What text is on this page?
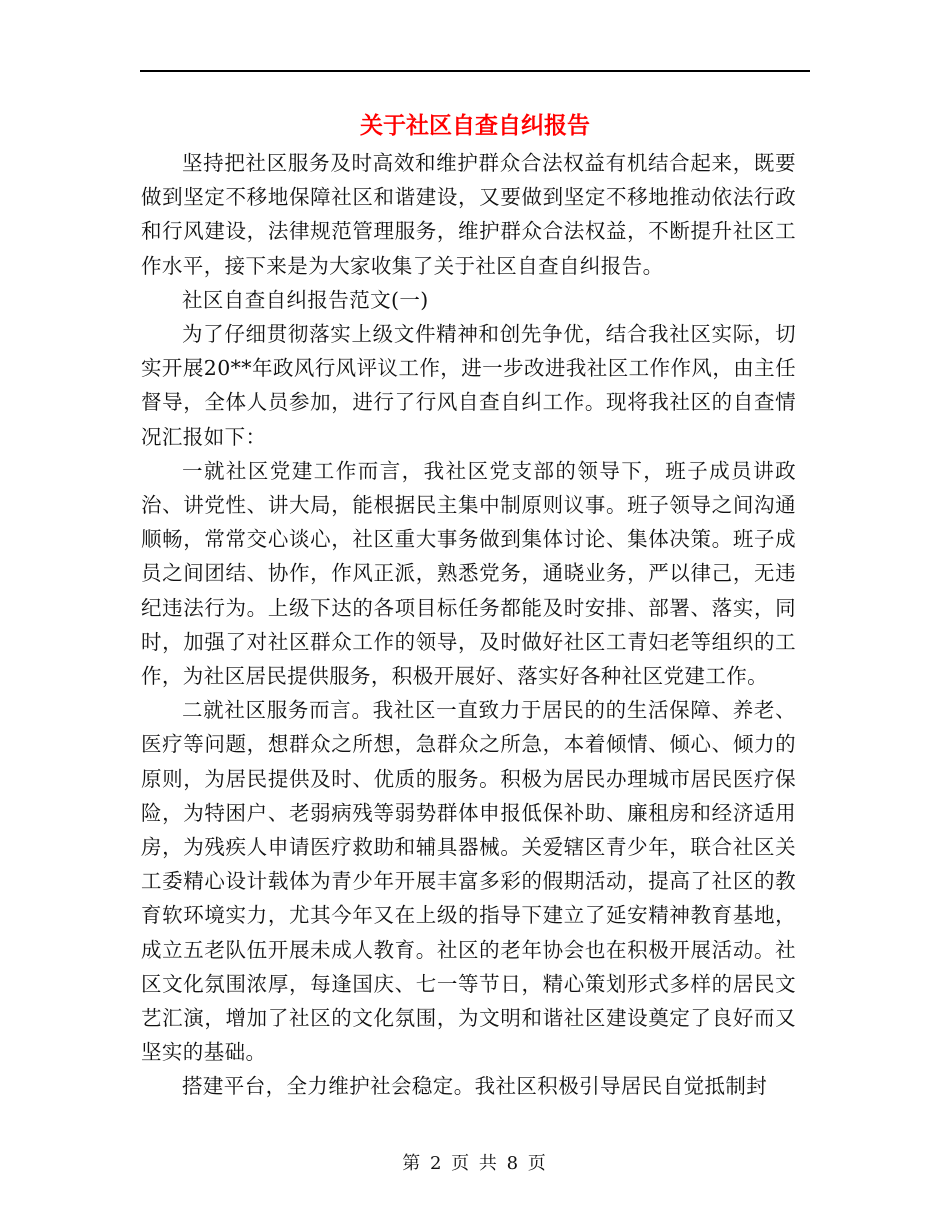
关于社区自查自纠报告

坚持把社区服务及时高效和维护群众合法权益有机结合起来，既要做到坚定不移地保障社区和谐建设，又要做到坚定不移地推动依法行政和行风建设，法律规范管理服务，维护群众合法权益，不断提升社区工作水平，接下来是为大家收集了关于社区自查自纠报告。

社区自查自纠报告范文(一)

为了仔细贯彻落实上级文件精神和创先争优，结合我社区实际，切实开展20**年政风行风评议工作，进一步改进我社区工作作风，由主任督导，全体人员参加，进行了行风自查自纠工作。现将我社区的自查情况汇报如下：

一就社区党建工作而言，我社区党支部的领导下，班子成员讲政治、讲党性、讲大局，能根据民主集中制原则议事。班子领导之间沟通顺畅，常常交心谈心，社区重大事务做到集体讨论、集体决策。班子成员之间团结、协作，作风正派，熟悉党务，通晓业务，严以律己，无违纪违法行为。上级下达的各项目标任务都能及时安排、部署、落实，同时，加强了对社区群众工作的领导，及时做好社区工青妇老等组织的工作，为社区居民提供服务，积极开展好、落实好各种社区党建工作。

二就社区服务而言。我社区一直致力于居民的的生活保障、养老、医疗等问题，想群众之所想，急群众之所急，本着倾情、倾心、倾力的原则，为居民提供及时、优质的服务。积极为居民办理城市居民医疗保险，为特困户、老弱病残等弱势群体申报低保补助、廉租房和经济适用房，为残疾人申请医疗救助和辅具器械。关爱辖区青少年，联合社区关工委精心设计载体为青少年开展丰富多彩的假期活动，提高了社区的教育软环境实力，尤其今年又在上级的指导下建立了延安精神教育基地，成立五老队伍开展未成人教育。社区的老年协会也在积极开展活动。社区文化氛围浓厚，每逢国庆、七一等节日，精心策划形式多样的居民文艺汇演，增加了社区的文化氛围，为文明和谐社区建设奠定了良好而又坚实的基础。

搭建平台，全力维护社会稳定。我社区积极引导居民自觉抵制封

第 2 页 共 8 页
